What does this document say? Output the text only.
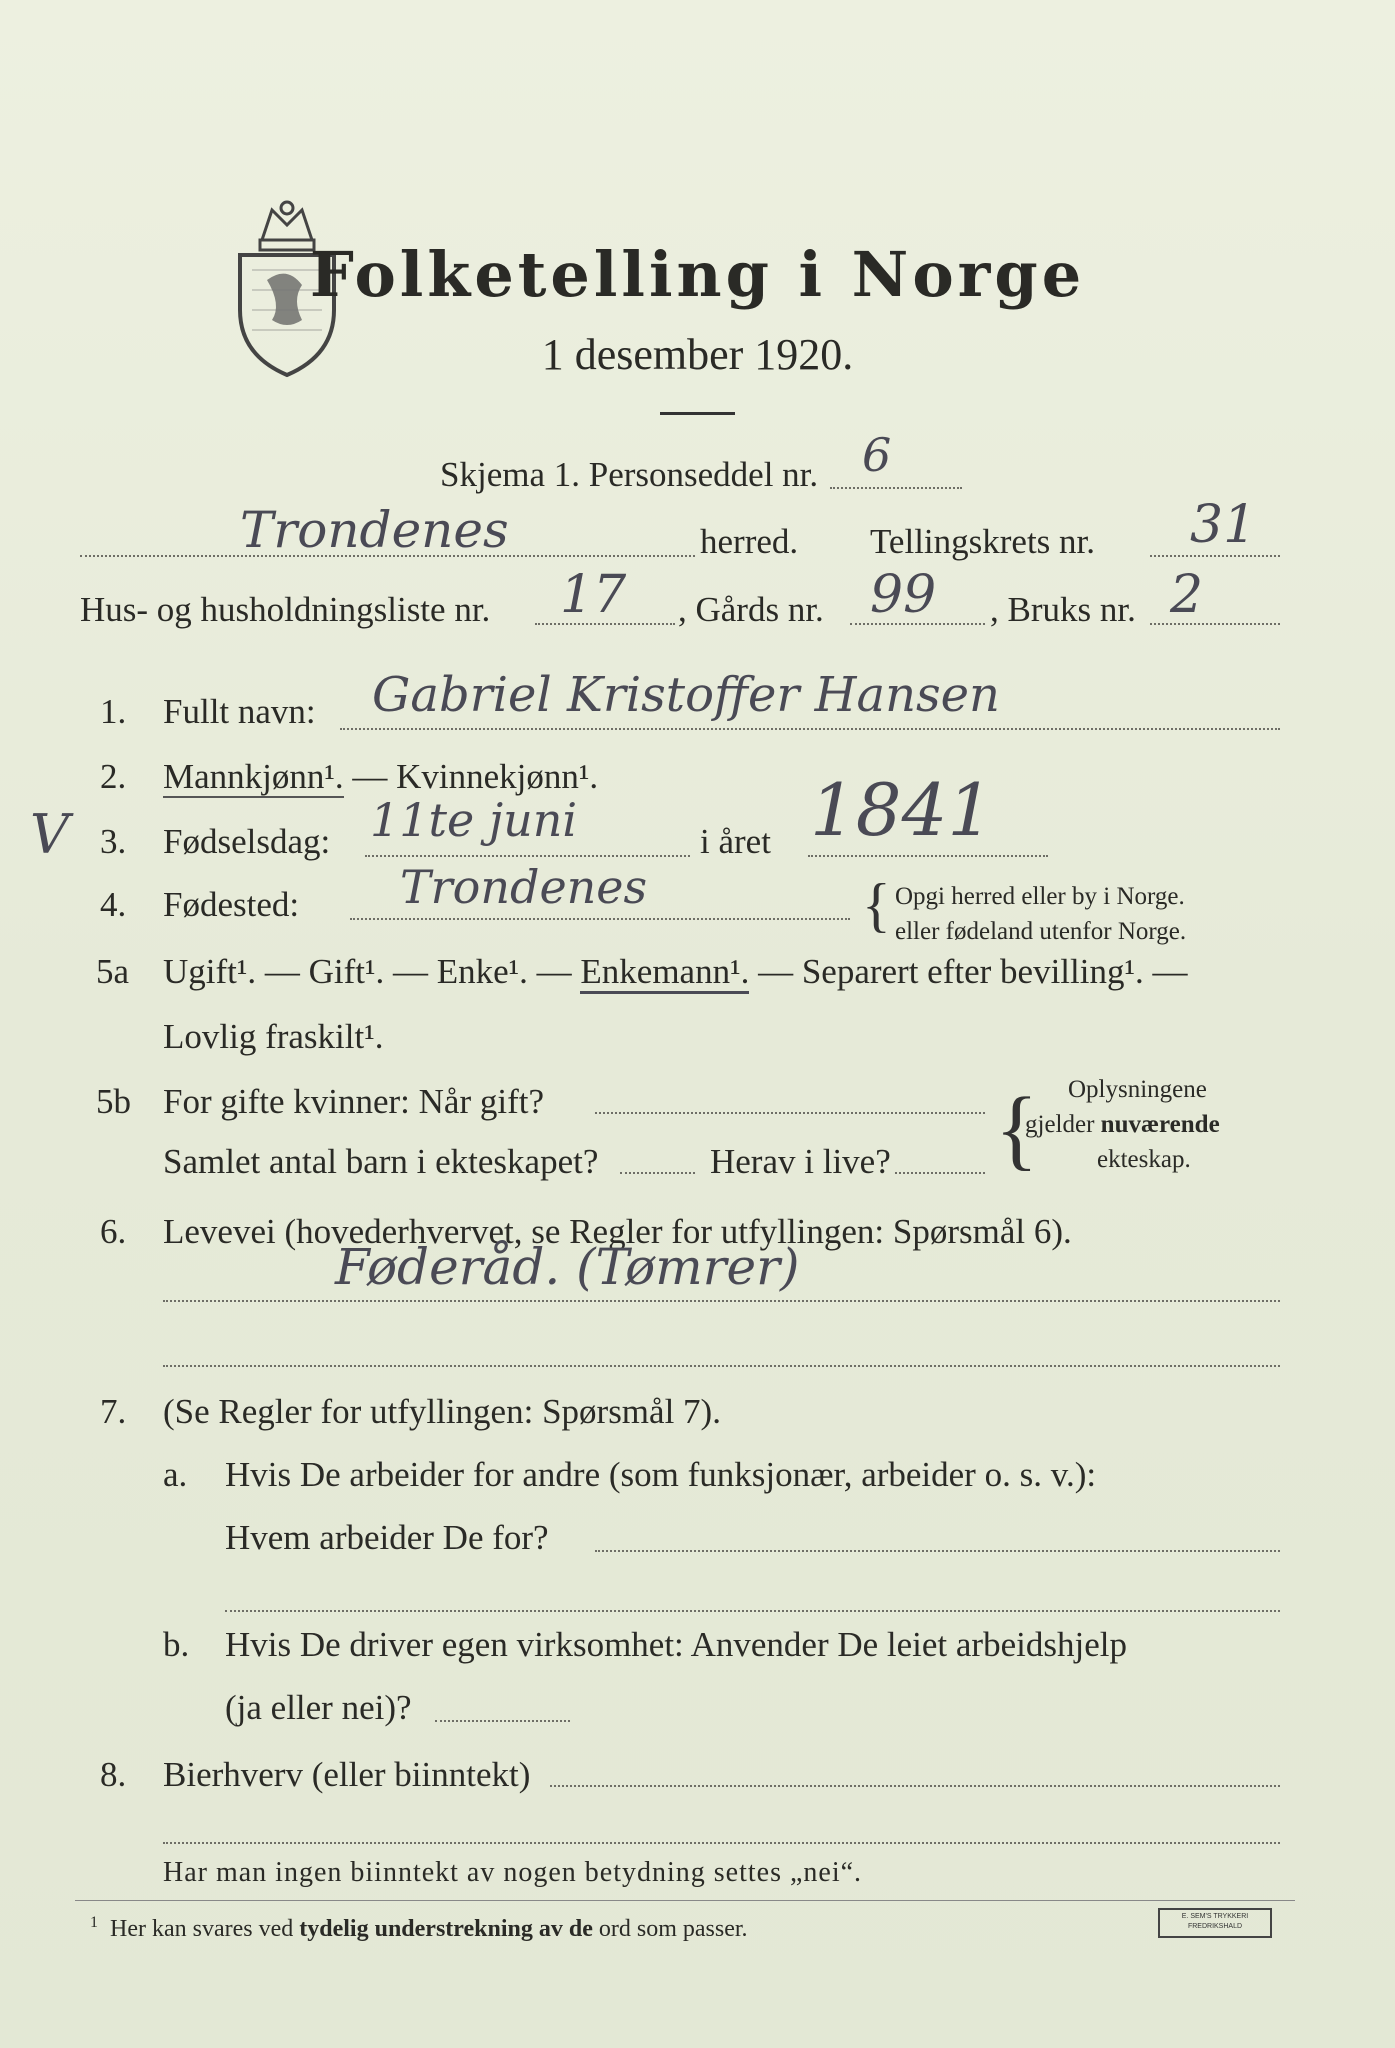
Folketelling i Norge
1 desember 1920.
Skjema 1. Personseddel nr. 6
Trondenes	herred. Tellingskrets nr. 31
Hus- og husholdningsliste nr. 17 , Gårds nr. 99 , Bruks nr. 2
1. Fullt navn: Gabriel Kristoffer Hansen
2. Mannkjønn¹. — Kvinnekjønn¹.
V 3. Fødselsdag: 11te juni	i året 1841
4. Fødested: Trondenes	{ Opgi herred eller by i Norge.
eller fødeland utenfor Norge.
5a Ugift¹. — Gift¹. — Enke¹. — Enkemann¹. — Separert efter bevilling¹. —
Lovlig fraskilt¹.
5b For gifte kvinner: Når gift?
Samlet antal barn i ekteskapet?	Herav i live? { Oplysningene
gjelder nuværende
ekteskap.
6. Levevei (hovederhvervet, se Regler for utfyllingen: Spørsmål 6).
Føderåd. (Tømrer)
7. (Se Regler for utfyllingen: Spørsmål 7).
a. Hvis De arbeider for andre (som funksjonær, arbeider o. s. v.):
Hvem arbeider De for?
b. Hvis De driver egen virksomhet: Anvender De leiet arbeidshjelp
(ja eller nei)?
8. Bierhverv (eller biinntekt)
Har man ingen biinntekt av nogen betydning settes „nei“.
$^1$ Her kan svares ved tydelig understrekning av de ord som passer.	E. SEM'S TRYKKERI
FREDRIKSHALD
